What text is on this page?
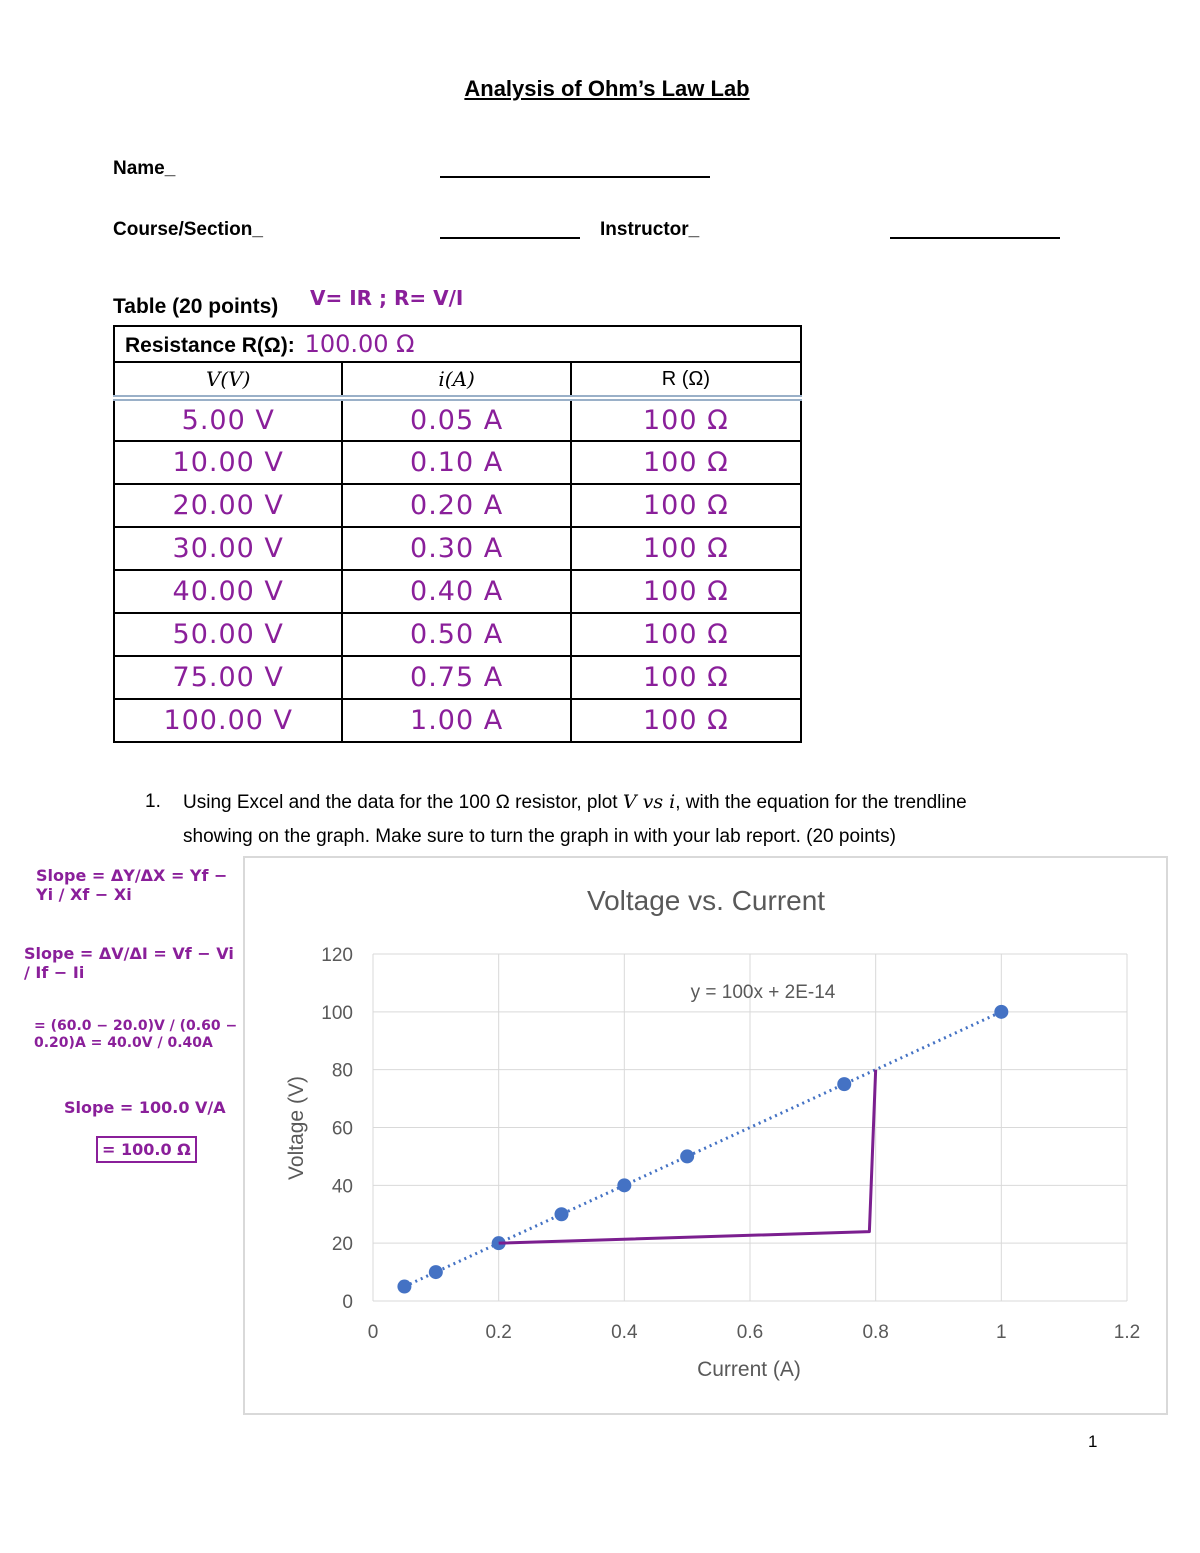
Analysis of Ohm’s Law Lab
Name_
Course/Section_	Instructor_
Table (20 points) V= IR ; R= V/I
Resistance R(Ω): 100.00 Ω		
V(V)	i(A)	R (Ω)
5.00 V	0.05 A	100 Ω
10.00 V	0.10 A	100 Ω
20.00 V	0.20 A	100 Ω
30.00 V	0.30 A	100 Ω
40.00 V	0.40 A	100 Ω
50.00 V	0.50 A	100 Ω
75.00 V	0.75 A	100 Ω
100.00 V	1.00 A	100 Ω
1. Using Excel and the data for the 100 Ω resistor, plot V vs i, with the equation for the trendline
showing on the graph. Make sure to turn the graph in with your lab report. (20 points)
Slope = ΔY/ΔX = Yf − Yi / Xf − Xi
Slope = ΔV/ΔI = Vf − Vi / If − Ii
= (60.0 − 20.0)V / (0.60 − 0.20)A = 40.0V / 0.40A
Slope = 100.0 V/A
= 100.0 Ω
Voltage vs. Current
0
20
40
60
80
100
120
0	0.2	0.4	0.6	0.8	1	1.2
y = 100x + 2E-14
Current (A)
Voltage (V)
1
